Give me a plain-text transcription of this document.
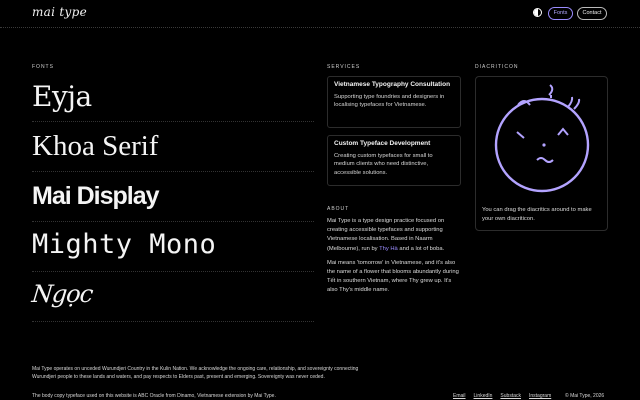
mai type	Fonts	Contact
FONTS
Eyja
Khoa Serif
Mai Display
Mighty Mono
Ngọc
SERVICES
Vietnamese Typography Consultation
Supporting type foundries and designers in localising typefaces for Vietnamese.
Custom Typeface Development
Creating custom typefaces for small to medium clients who need distinctive, accessible solutions.
ABOUT

Mai Type is a type design practice focused on creating accessible typefaces and supporting Vietnamese localisation. Based in Naarm (Melbourne), run by Thy Hà and a lot of boba.

Mai means 'tomorrow' in Vietnamese, and it's also the name of a flower that blooms abundantly during Tết in southern Vietnam, where Thy grew up. It's also Thy's middle name.

DIACRITICON
You can drag the diacritics around to make your own diacriticon.
Mai Type operates on unceded Wurundjeri Country in the Kulin Nation. We acknowledge the ongoing care, relationship, and sovereignty connecting Wurundjeri people to these lands and waters, and pay respects to Elders past, present and emerging. Sovereignty was never ceded.
The body copy typeface used on this website is ABC Oracle from Dinamo, Vietnamese extension by Mai Type.	Email LinkedIn Substack Instagram	© Mai Type, 2026
